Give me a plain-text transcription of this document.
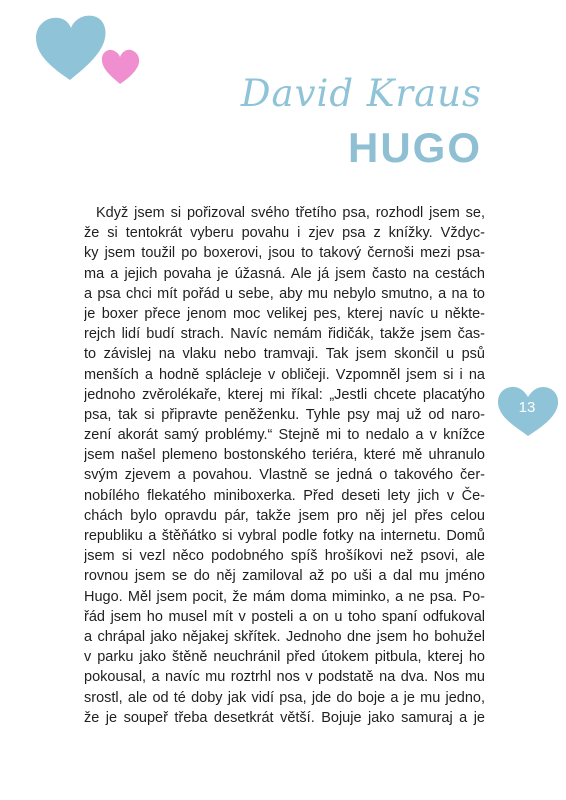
David Kraus
HUGO
Když jsem si pořizoval svého třetího psa, rozhodl jsem se,
že si tentokrát vyberu povahu i zjev psa z knížky. Vždyc-
ky jsem toužil po boxerovi, jsou to takový černoši mezi psa-
ma a jejich povaha je úžasná. Ale já jsem často na cestách
a psa chci mít pořád u sebe, aby mu nebylo smutno, a na to
je boxer přece jenom moc velikej pes, kterej navíc u někte-
rejch lidí budí strach. Navíc nemám řidičák, takže jsem čas-
to závislej na vlaku nebo tramvaji. Tak jsem skončil u psů
menších a hodně splácleje v obličeji. Vzpomněl jsem si i na
jednoho zvěrolékaře, kterej mi říkal: „Jestli chcete placatýho
psa, tak si připravte peněženku. Tyhle psy maj už od naro-
zení akorát samý problémy.“ Stejně mi to nedalo a v knížce
jsem našel plemeno bostonského teriéra, které mě uhranulo
svým zjevem a povahou. Vlastně se jedná o takového čer-
nobílého flekatého miniboxerka. Před deseti lety jich v Če-
chách bylo opravdu pár, takže jsem pro něj jel přes celou
republiku a štěňátko si vybral podle fotky na internetu. Domů
jsem si vezl něco podobného spíš hrošíkovi než psovi, ale
rovnou jsem se do něj zamiloval až po uši a dal mu jméno
Hugo. Měl jsem pocit, že mám doma miminko, a ne psa. Po-
řád jsem ho musel mít v posteli a on u toho spaní odfukoval
a chrápal jako nějakej skřítek. Jednoho dne jsem ho bohužel
v parku jako štěně neuchránil před útokem pitbula, kterej ho
pokousal, a navíc mu roztrhl nos v podstatě na dva. Nos mu
srostl, ale od té doby jak vidí psa, jde do boje a je mu jedno,
že je soupeř třeba desetkrát větší. Bojuje jako samuraj a je
13
